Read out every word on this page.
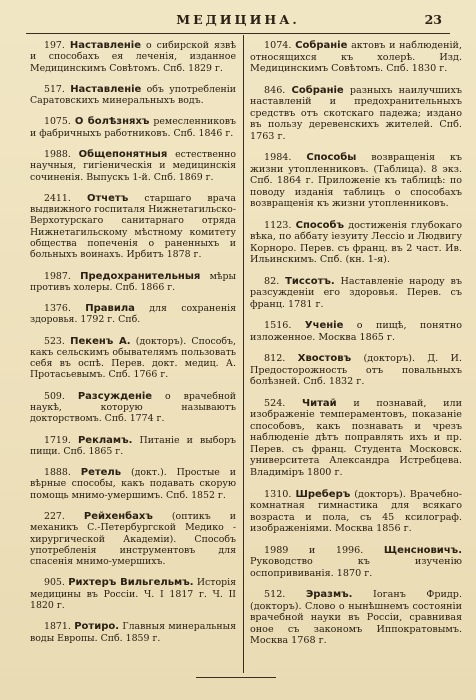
МЕДИЦИНА.	23

197. Наставленіе о сибирской язвѣ и способахъ ея леченія, изданное Медицинскимъ Совѣтомъ. Спб. 1829 г.

517. Наставленіе объ употребленіи Саратовскихъ минеральныхъ водъ.

1075. О болѣзняхъ ремесленниковъ и фабричныхъ работниковъ. Спб. 1846 г.

1988. Общепонятныя естественно научныя, гигіеническія и медицинскія сочиненія. Выпускъ 1-й. Спб. 1869 г.

2411. Отчетъ старшаго врача выдвижного госпиталя Нижнетагильско-Верхотурскаго санитарнаго отряда Нижнетагильскому мѣстному комитету общества попеченія о раненныхъ и больныхъ воинахъ. Ирбитъ 1878 г.

1987. Предохранительныя мѣры противъ холеры. Спб. 1866 г.

1376. Правила для сохраненія здоровья. 1792 г. Спб.

523. Пекенъ А. (докторъ). Способъ, какъ сельскимъ обывателямъ пользовать себя въ оспѣ. Перев. докт. медиц. А. Протасьевымъ. Спб. 1766 г.

509. Разсужденіе о врачебной наукѣ, которую называютъ докторствомъ. Спб. 1774 г.

1719. Рекламъ. Питаніе и выборъ пищи. Спб. 1865 г.

1888. Ретель (докт.). Простые и вѣрные способы, какъ подавать скорую помощь мнимо-умершимъ. Спб. 1852 г.

227. Рейхенбахъ (оптикъ и механикъ С.-Петербургской Медико - хирургической Академіи). Способъ употребленія инструментовъ для спасенія мнимо-умершихъ.

905. Рихтеръ Вильгельмъ. Исторія медицины въ Россіи. Ч. I 1817 г. Ч. II 1820 г.

1871. Ротиро. Главныя минеральныя воды Европы. Спб. 1859 г.

1074. Собраніе актовъ и наблюденій, относящихся къ холерѣ. Изд. Медицинскимъ Совѣтомъ. Спб. 1830 г.

846. Собраніе разныхъ наилучшихъ наставленій и предохранительныхъ средствъ отъ скотскаго падежа; издано въ пользу деревенскихъ жителей. Спб. 1763 г.

1984. Способы возвращенія къ жизни утопленниковъ. (Таблица). 8 экз. Спб. 1864 г. Приложеніе къ таблицѣ: по поводу изданія таблицъ о способахъ возвращенія къ жизни утопленниковъ.

1123. Способъ достиженія глубокаго вѣка, по аббату іезуиту Лессіо и Людвигу Корноро. Перев. съ франц. въ 2 част. Ив. Ильинскимъ. Спб. (кн. 1-я).

82. Тиссотъ. Наставленіе народу въ разсужденіи его здоровья. Перев. съ франц. 1781 г.

1516. Ученіе о пищѣ, понятно изложенное. Москва 1865 г.

812. Хвостовъ (докторъ). Д. И. Предосторожность отъ повальныхъ болѣзней. Спб. 1832 г.

524. Читай и познавай, или изображеніе темпераментовъ, показаніе способовъ, какъ познавать и чрезъ наблюденіе дѣтъ поправлять ихъ и пр. Перев. съ франц. Студента Московск. университета Александра Истребцева. Владиміръ 1800 г.

1310. Шреберъ (докторъ). Врачебно-комнатная гимнастика для всякаго возраста и пола, съ 45 ксилограф. изображеніями. Москва 1856 г.

1989 и 1996. Щенсновичъ. Руководство къ изученію оспопрививанія. 1870 г.

512. Эразмъ. Іоганъ Фридр. (докторъ). Слово о нынѣшнемъ состояніи врачебной науки въ Россіи, сравнивая оное съ закономъ Иппократовымъ. Москва 1768 г.
